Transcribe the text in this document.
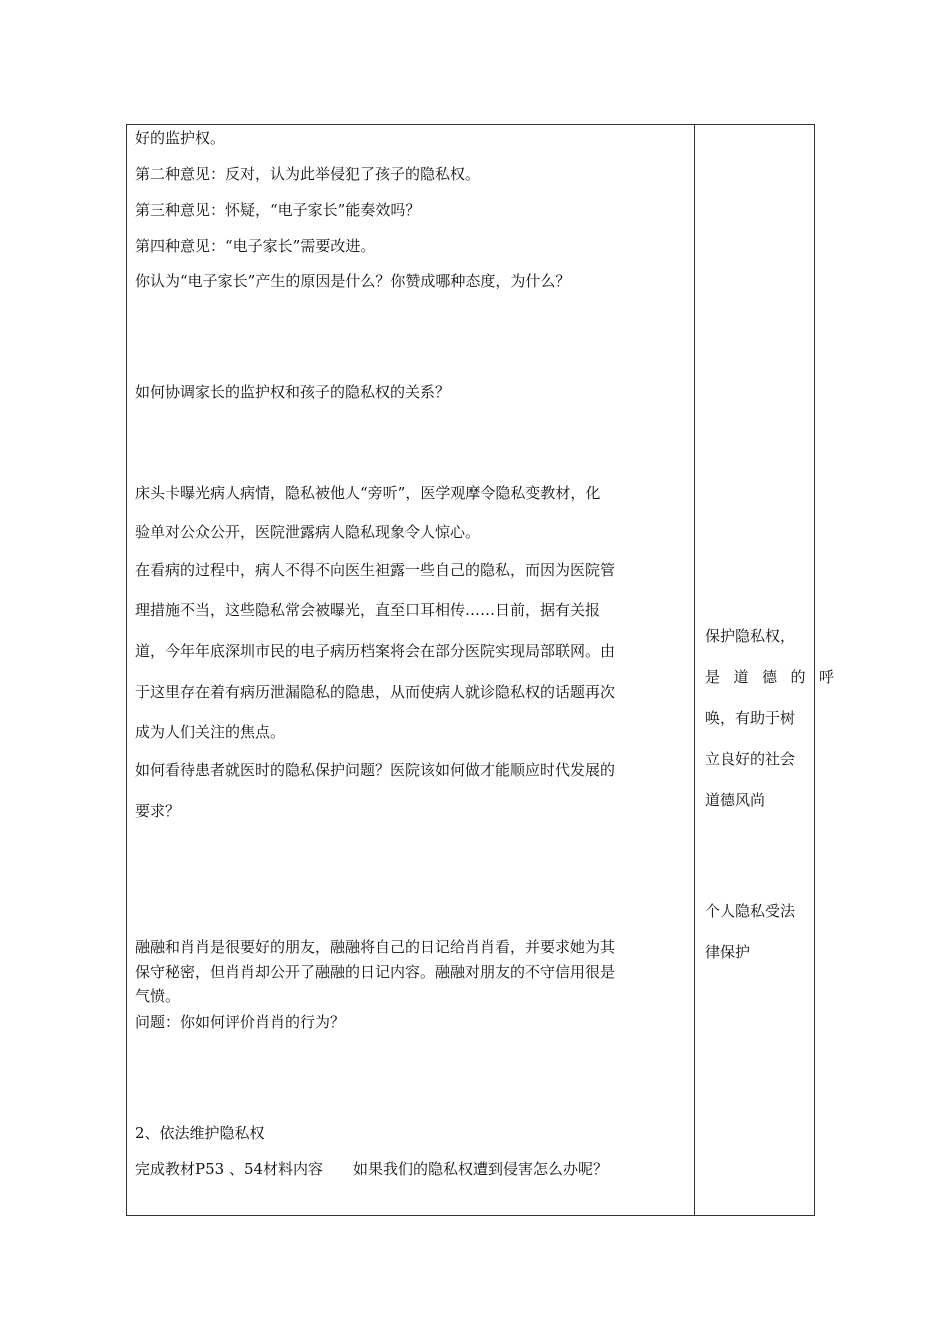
好的监护权。
第二种意见：反对，认为此举侵犯了孩子的隐私权。
第三种意见：怀疑，“电子家长”能奏效吗？
第四种意见：“电子家长”需要改进。
你认为“电子家长”产生的原因是什么？你赞成哪种态度，为什么？
如何协调家长的监护权和孩子的隐私权的关系？
床头卡曝光病人病情，隐私被他人“旁听”，医学观摩令隐私变教材，化
验单对公众公开，医院泄露病人隐私现象令人惊心。
在看病的过程中，病人不得不向医生袒露一些自己的隐私，而因为医院管
理措施不当，这些隐私常会被曝光，直至口耳相传……日前，据有关报
道，今年年底深圳市民的电子病历档案将会在部分医院实现局部联网。由
于这里存在着有病历泄漏隐私的隐患，从而使病人就诊隐私权的话题再次
成为人们关注的焦点。
如何看待患者就医时的隐私保护问题？医院该如何做才能顺应时代发展的
要求？
融融和肖肖是很要好的朋友，融融将自己的日记给肖肖看，并要求她为其
保守秘密，但肖肖却公开了融融的日记内容。融融对朋友的不守信用很是
气愤。
问题：你如何评价肖肖的行为？
2、依法维护隐私权
完成教材P53 、54材料内容　　如果我们的隐私权遭到侵害怎么办呢？
保护隐私权，
是道德的呼
唤，有助于树
立良好的社会
道德风尚
个人隐私受法
律保护
